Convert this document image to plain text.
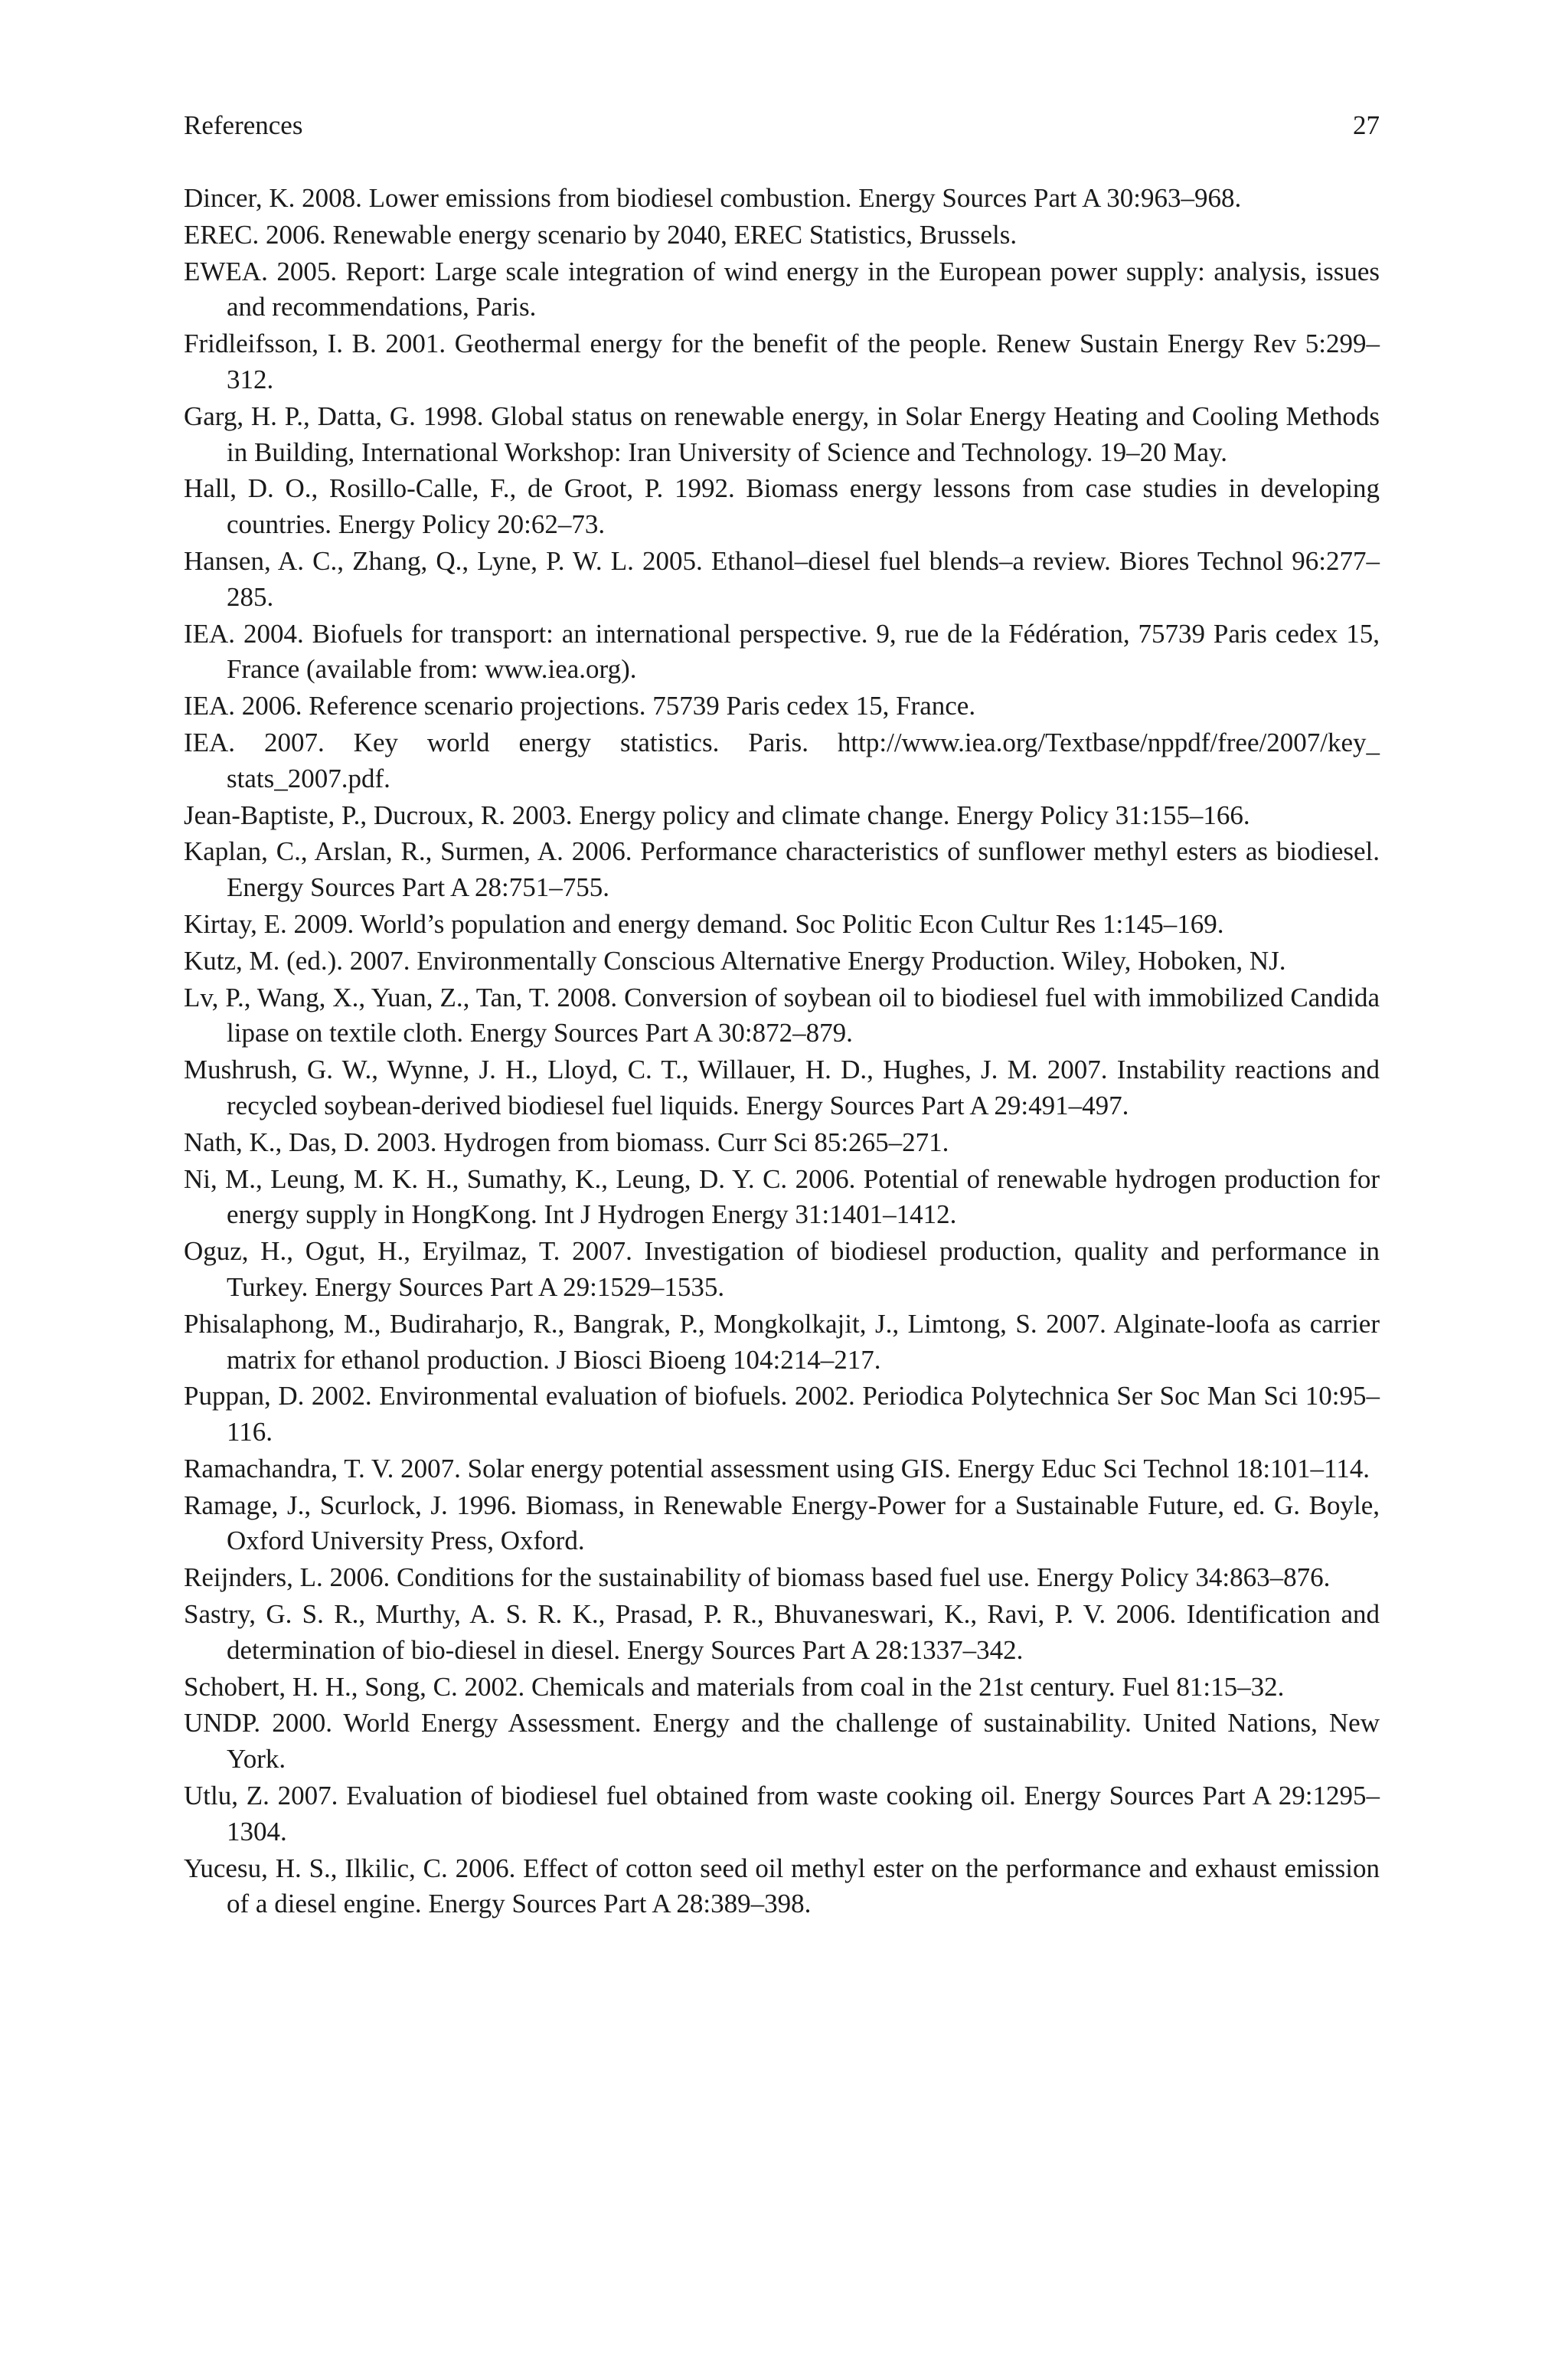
References	27
Dincer, K. 2008. Lower emissions from biodiesel combustion. Energy Sources Part A 30:963–968.
EREC. 2006. Renewable energy scenario by 2040, EREC Statistics, Brussels.
EWEA. 2005. Report: Large scale integration of wind energy in the European power supply: analysis, issues and recommendations, Paris.
Fridleifsson, I. B. 2001. Geothermal energy for the benefit of the people. Renew Sustain Energy Rev 5:299–312.
Garg, H. P., Datta, G. 1998. Global status on renewable energy, in Solar Energy Heating and Cooling Methods in Building, International Workshop: Iran University of Science and Technology. 19–20 May.
Hall, D. O., Rosillo-Calle, F., de Groot, P. 1992. Biomass energy lessons from case studies in developing countries. Energy Policy 20:62–73.
Hansen, A. C., Zhang, Q., Lyne, P. W. L. 2005. Ethanol–diesel fuel blends–a review. Biores Technol 96:277–285.
IEA. 2004. Biofuels for transport: an international perspective. 9, rue de la Fédération, 75739 Paris cedex 15, France (available from: www.iea.org).
IEA. 2006. Reference scenario projections. 75739 Paris cedex 15, France.
IEA. 2007. Key world energy statistics. Paris. http://www.iea.org/Textbase/nppdf/free/2007/key_ stats_2007.pdf.
Jean-Baptiste, P., Ducroux, R. 2003. Energy policy and climate change. Energy Policy 31:155–166.
Kaplan, C., Arslan, R., Surmen, A. 2006. Performance characteristics of sunflower methyl esters as biodiesel. Energy Sources Part A 28:751–755.
Kirtay, E. 2009. World’s population and energy demand. Soc Politic Econ Cultur Res 1:145–169.
Kutz, M. (ed.). 2007. Environmentally Conscious Alternative Energy Production. Wiley, Hoboken, NJ.
Lv, P., Wang, X., Yuan, Z., Tan, T. 2008. Conversion of soybean oil to biodiesel fuel with immobilized Candida lipase on textile cloth. Energy Sources Part A 30:872–879.
Mushrush, G. W., Wynne, J. H., Lloyd, C. T., Willauer, H. D., Hughes, J. M. 2007. Instability reactions and recycled soybean-derived biodiesel fuel liquids. Energy Sources Part A 29:491–497.
Nath, K., Das, D. 2003. Hydrogen from biomass. Curr Sci 85:265–271.
Ni, M., Leung, M. K. H., Sumathy, K., Leung, D. Y. C. 2006. Potential of renewable hydrogen production for energy supply in HongKong. Int J Hydrogen Energy 31:1401–1412.
Oguz, H., Ogut, H., Eryilmaz, T. 2007. Investigation of biodiesel production, quality and performance in Turkey. Energy Sources Part A 29:1529–1535.
Phisalaphong, M., Budiraharjo, R., Bangrak, P., Mongkolkajit, J., Limtong, S. 2007. Alginate-loofa as carrier matrix for ethanol production. J Biosci Bioeng 104:214–217.
Puppan, D. 2002. Environmental evaluation of biofuels. 2002. Periodica Polytechnica Ser Soc Man Sci 10:95–116.
Ramachandra, T. V. 2007. Solar energy potential assessment using GIS. Energy Educ Sci Technol 18:101–114.
Ramage, J., Scurlock, J. 1996. Biomass, in Renewable Energy-Power for a Sustainable Future, ed. G. Boyle, Oxford University Press, Oxford.
Reijnders, L. 2006. Conditions for the sustainability of biomass based fuel use. Energy Policy 34:863–876.
Sastry, G. S. R., Murthy, A. S. R. K., Prasad, P. R., Bhuvaneswari, K., Ravi, P. V. 2006. Identification and determination of bio-diesel in diesel. Energy Sources Part A 28:1337–342.
Schobert, H. H., Song, C. 2002. Chemicals and materials from coal in the 21st century. Fuel 81:15–32.
UNDP. 2000. World Energy Assessment. Energy and the challenge of sustainability. United Nations, New York.
Utlu, Z. 2007. Evaluation of biodiesel fuel obtained from waste cooking oil. Energy Sources Part A 29:1295–1304.
Yucesu, H. S., Ilkilic, C. 2006. Effect of cotton seed oil methyl ester on the performance and exhaust emission of a diesel engine. Energy Sources Part A 28:389–398.
